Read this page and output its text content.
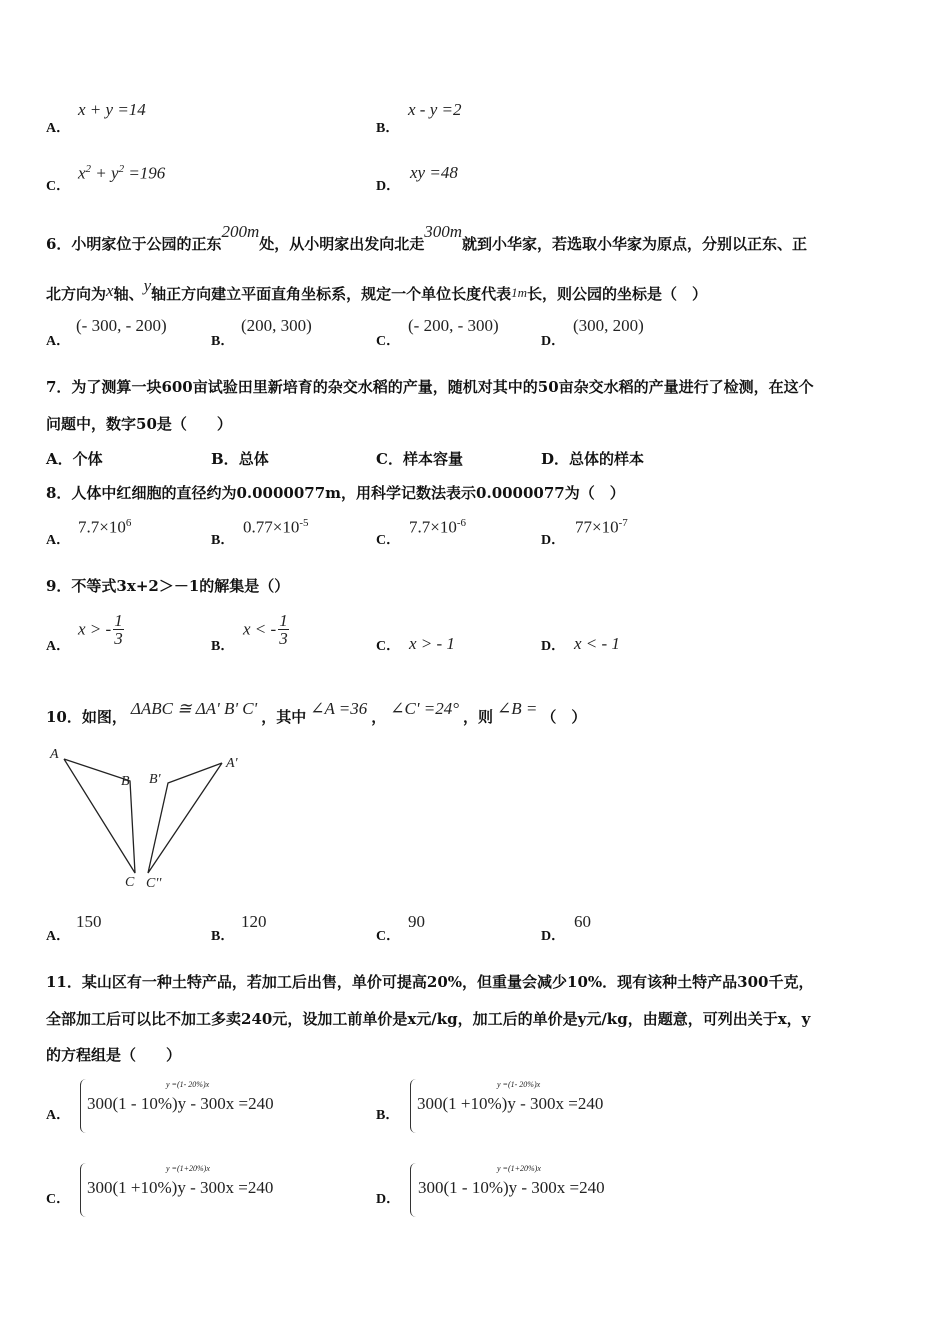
A．
x + y =14
B．
x - y =2
C．
$x^2 + y^2 =196$
D．
xy =48
6．小明家位于公园的正东200m处，从小明家出发向北走300m就到小华家，若选取小华家为原点，分别以正东、正
北方向为x轴、y轴正方向建立平面直角坐标系，规定一个单位长度代表1m长，则公园的坐标是（　）
A．
(- 300, - 200)
B．
(200, 300)
C．
(- 200, - 300)
D．
(300, 200)
7．为了测算一块600亩试验田里新培育的杂交水稻的产量，随机对其中的50亩杂交水稻的产量进行了检测，在这个
问题中，数字50是（　　）
A．个体	B．总体	C．样本容量	D．总体的样本
8．人体中红细胞的直径约为0.0000077m，用科学记数法表示0.0000077为（　）
A．
$7.7\times 10^6$
B．
$0.77\times 10^{-5}$
C．
$7.7\times 10^{-6}$
D．
$77\times 10^{-7}$
9．不等式3x+2＞－1的解集是（）
A．
x > - $\frac{1}{3}$	B．
x < - $\frac{1}{3}$	C． x > - 1	D． x < - 1
10．如图， ΔABC ≅ ΔA' B' C' ，其中 ∠A =36 ， ∠C' =24° ，则 ∠B = （　）
A
B
C
B'
A'
C''
A．
150
B．
120
C．
90
D．
60
11．某山区有一种土特产品，若加工后出售，单价可提高20%，但重量会减少10%．现有该种土特产品300千克，
全部加工后可以比不加工多卖240元，设加工前单价是x元/kg，加工后的单价是y元/kg，由题意，可列出关于x，y
的方程组是（　　）
A．
y =(1- 20%)x
300(1 - 10%)y - 300x =240
B．
y =(1- 20%)x
300(1 +10%)y - 300x =240
C．
y =(1+20%)x
300(1 +10%)y - 300x =240
D．
y =(1+20%)x
300(1 - 10%)y - 300x =240
